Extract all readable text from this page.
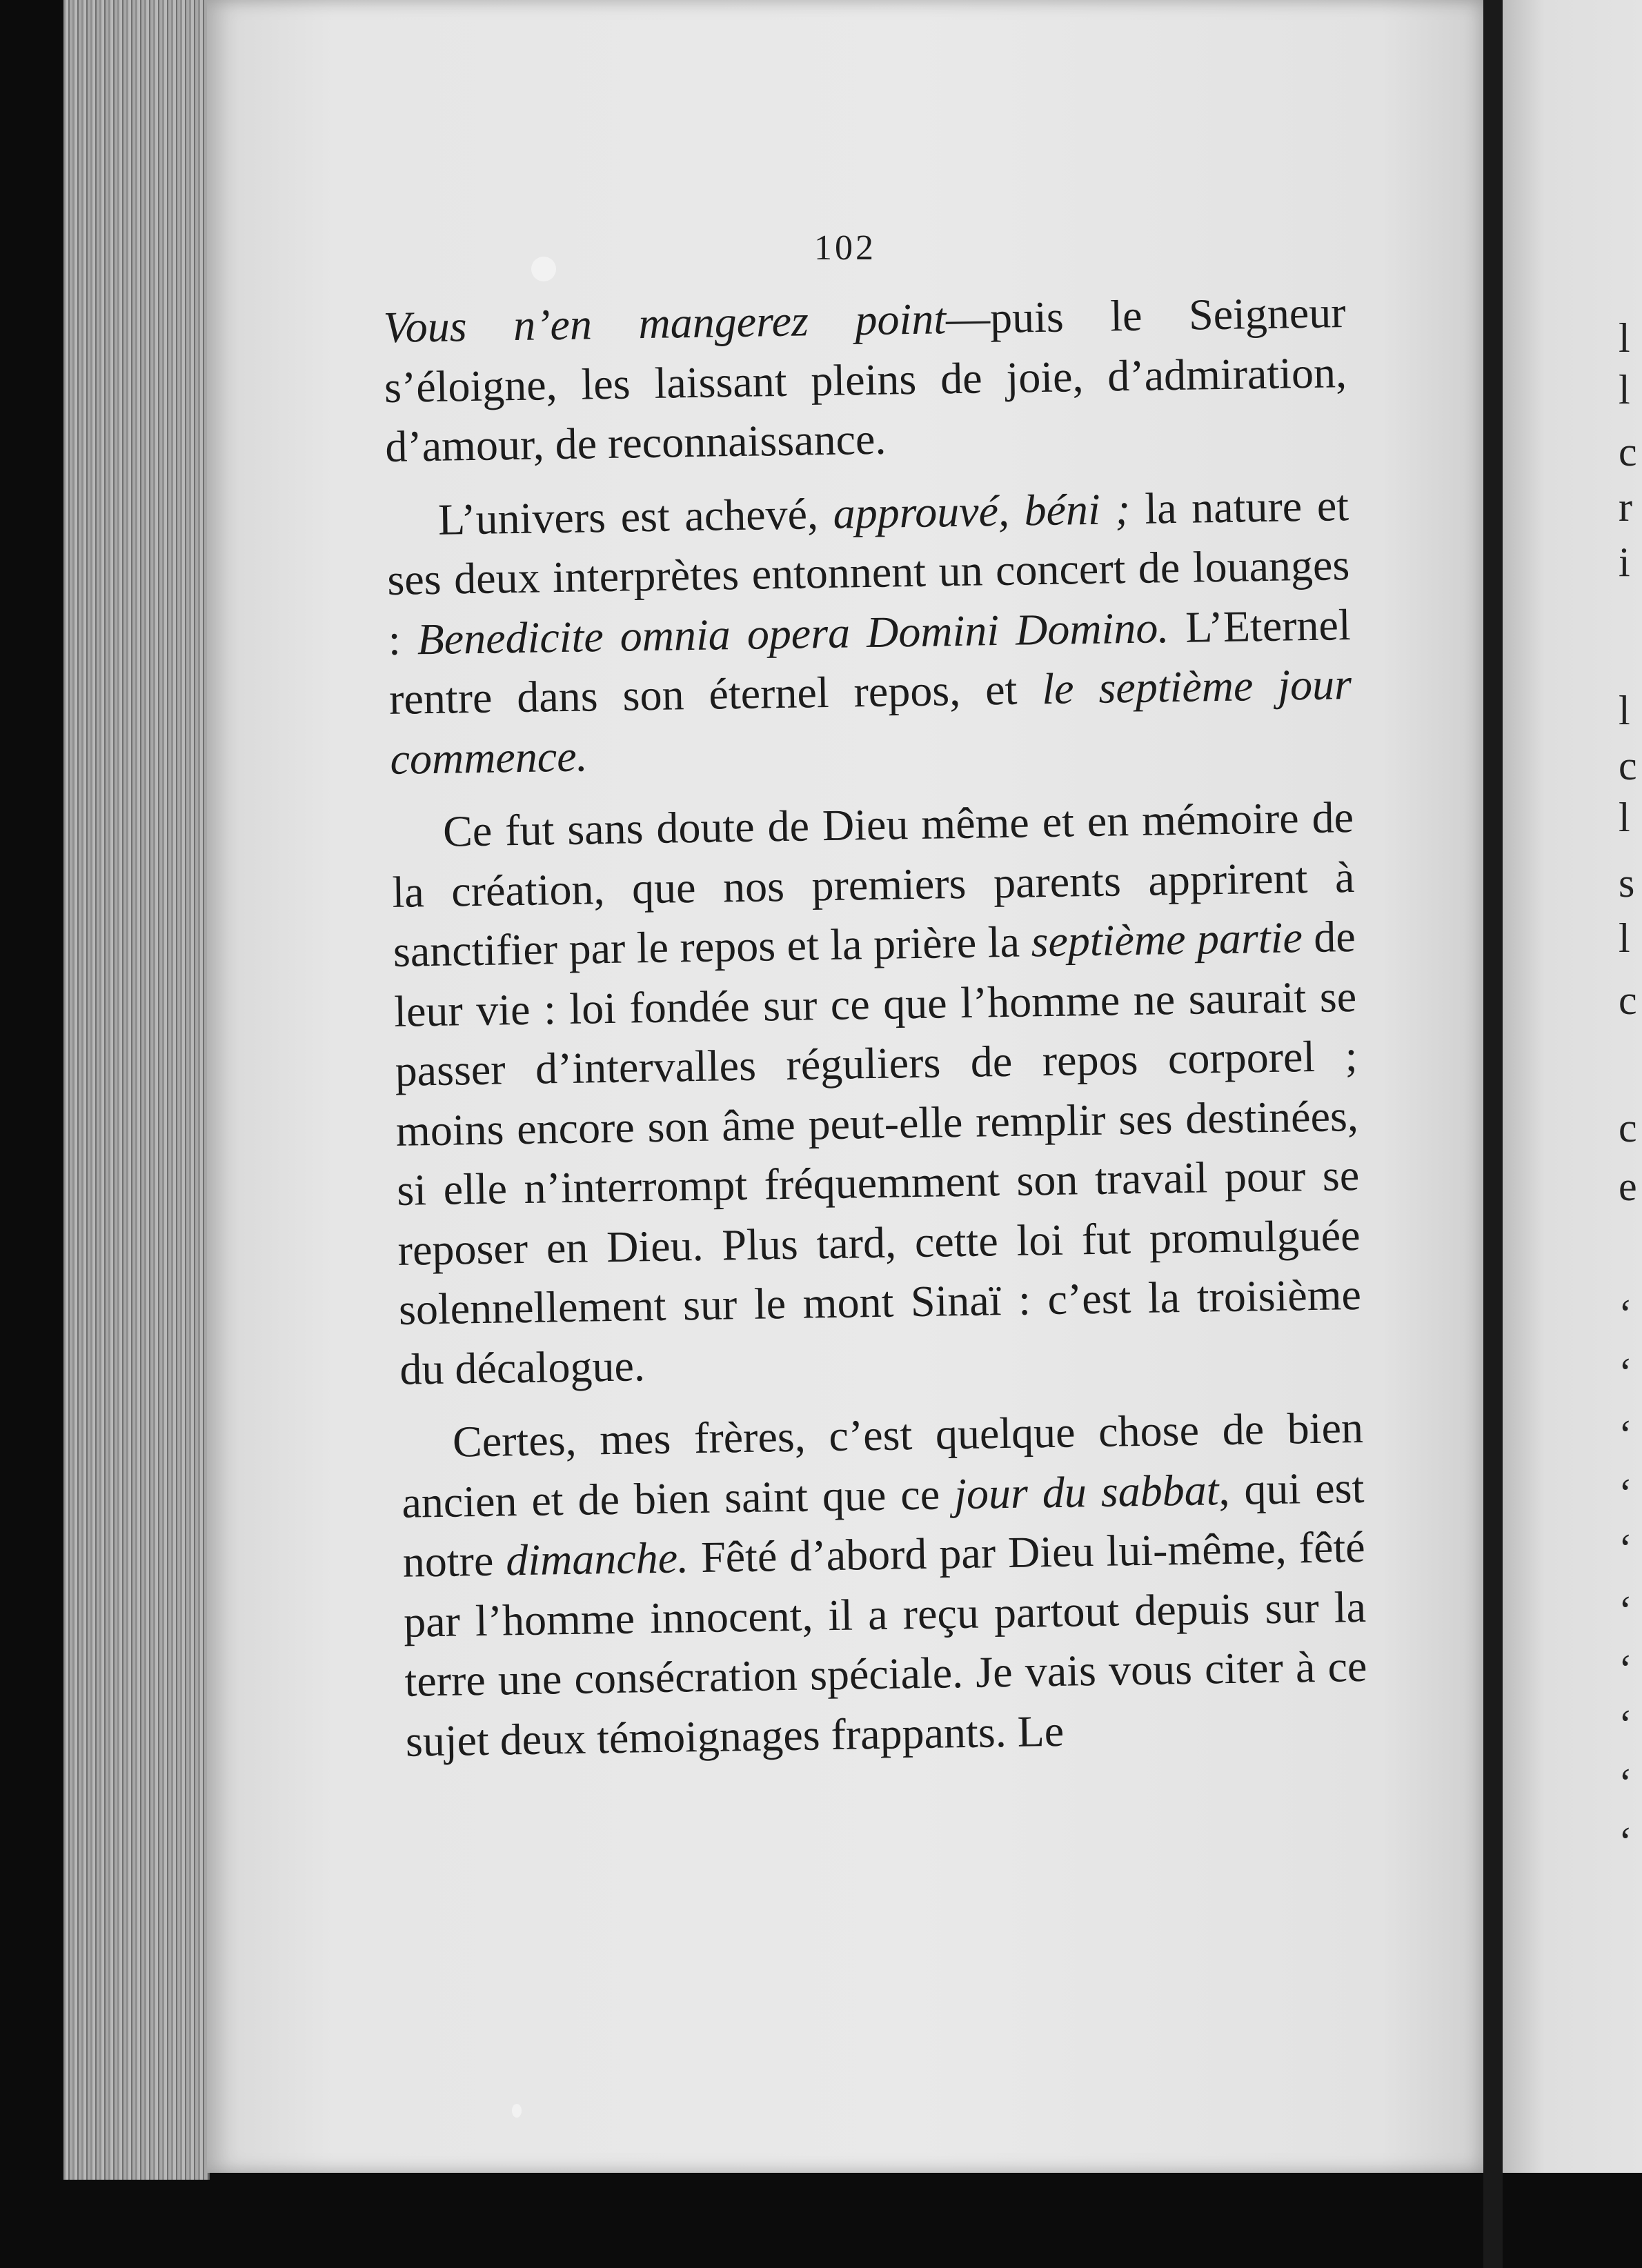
102

Vous n’en mangerez point—puis le Seigneur s’éloigne, les laissant pleins de joie, d’admiration, d’amour, de reconnaissance.

L’univers est achevé, approuvé, béni ; la nature et ses deux interprètes entonnent un concert de louanges : Benedicite omnia opera Domini Domino. L’Eternel rentre dans son éternel repos, et le septième jour commence.

Ce fut sans doute de Dieu même et en mémoire de la création, que nos premiers parents apprirent à sanctifier par le repos et la prière la septième partie de leur vie : loi fondée sur ce que l’homme ne saurait se passer d’intervalles réguliers de repos corporel ; moins encore son âme peut-elle remplir ses destinées, si elle n’interrompt fréquemment son travail pour se reposer en Dieu. Plus tard, cette loi fut promulguée solennellement sur le mont Sinaï : c’est la troisième du décalogue.

Certes, mes frères, c’est quelque chose de bien ancien et de bien saint que ce jour du sabbat, qui est notre dimanche. Fêté d’abord par Dieu lui-même, fêté par l’homme innocent, il a reçu partout depuis sur la terre une consécration spéciale. Je vais vous citer à ce sujet deux témoignages frappants. Le

l
l
c
r
i
l
c
l
s
l
c
c
e
‘
‘
‘
‘
‘
‘
‘
‘
‘
‘
